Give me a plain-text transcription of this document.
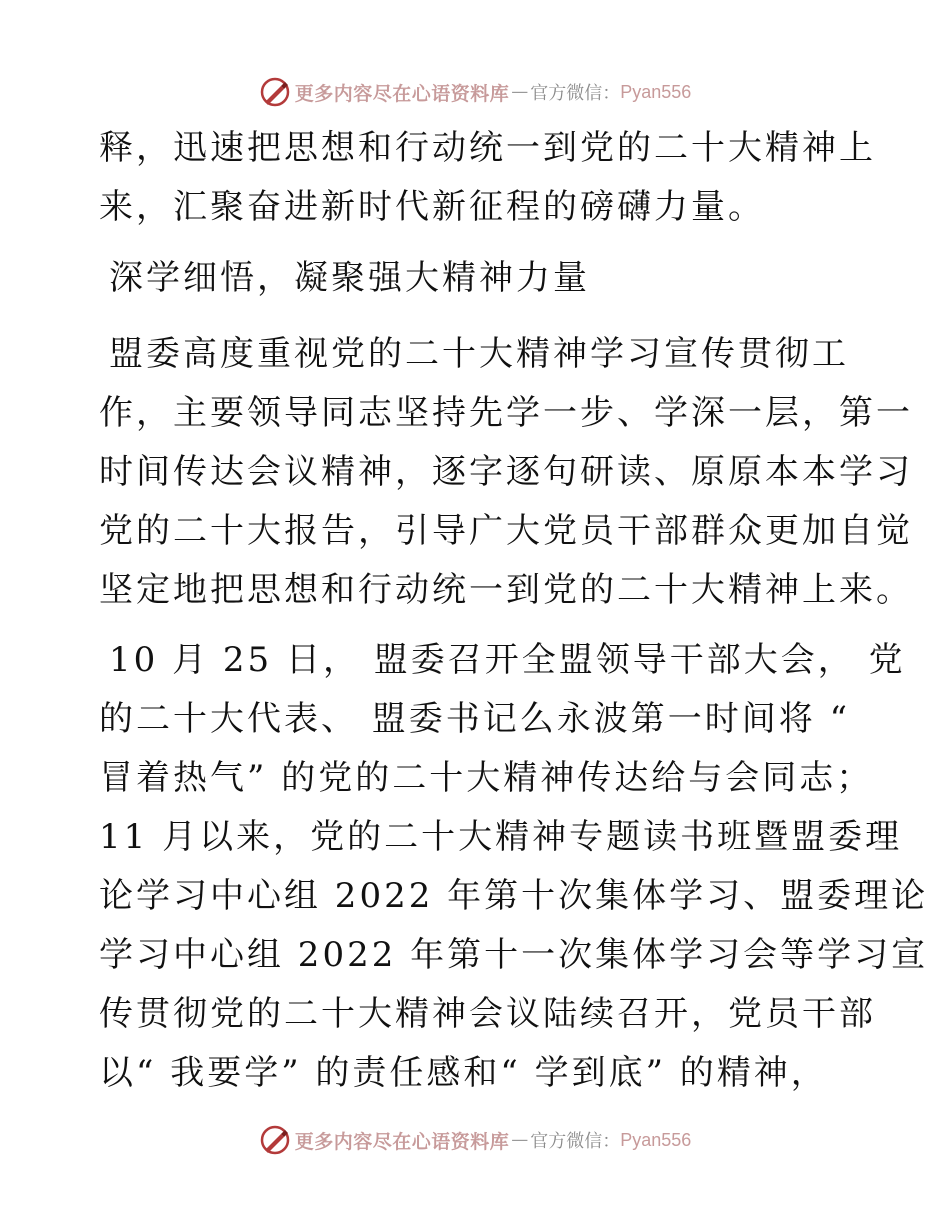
更多内容尽在心语资料库 — 官方微信： Pyan556
释，迅速把思想和行动统一到党的二十大精神上
来，汇聚奋进新时代新征程的磅礴力量。
深学细悟，凝聚强大精神力量
盟委高度重视党的二十大精神学习宣传贯彻工
作，主要领导同志坚持先学一步、学深一层，第一
时间传达会议精神，逐字逐句研读、原原本本学习
党的二十大报告，引导广大党员干部群众更加自觉
坚定地把思想和行动统一到党的二十大精神上来。
10 月 25 日， 盟委召开全盟领导干部大会， 党
的二十大代表、 盟委书记么永波第一时间将 “
冒着热气” 的党的二十大精神传达给与会同志；
11 月以来，党的二十大精神专题读书班暨盟委理
论学习中心组 2022 年第十次集体学习、盟委理论
学习中心组 2022 年第十一次集体学习会等学习宣
传贯彻党的二十大精神会议陆续召开，党员干部
以“ 我要学” 的责任感和“ 学到底” 的精神，
更多内容尽在心语资料库 — 官方微信： Pyan556
